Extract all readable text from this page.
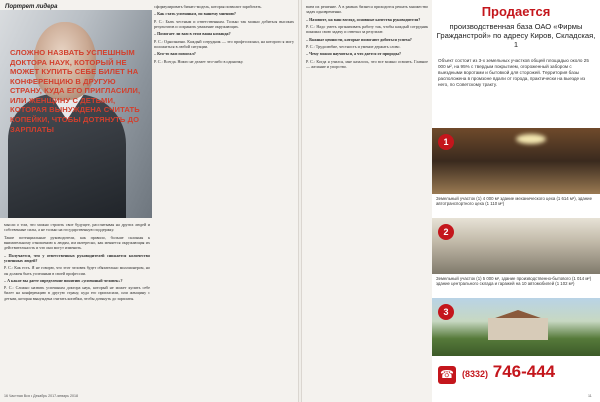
Портрет лидера
СЛОЖНО НАЗВАТЬ УСПЕШНЫМ ДОКТОРА НАУК, КОТОРЫЙ НЕ МОЖЕТ КУПИТЬ СЕБЕ БИЛЕТ НА КОНФЕРЕНЦИЮ В ДРУГУЮ СТРАНУ, КУДА ЕГО ПРИГЛАСИЛИ, ИЛИ ЖЕНЩИНУ С ДЕТЬМИ, КОТОРАЯ ВЫНУЖДЕНА СЧИТАТЬ КОПЕЙКИ, ЧТОБЫ ДОТЯНУТЬ ДО ЗАРПЛАТЫ

мысли о том, что можно строить свое будущее, рассчитывая на других людей и собственные силы, а не только на государственную поддержку.

Такие потенциальные руководители, как правило, больше склонны к внимательному отношению к людям, им интересно, как меняется окружающая их действительность и что они могут изменить.

– Получается, что у ответственных руководителей снижается количество успешных людей?

Р. С.: Как есть. Я не говорю, что этот человек будет обязательно миллионером, но он должен быть успешным в своей профессии.

– А какое вы даете определение понятию «успешный человек»?

Р. С.: Сложно назвать успешным доктора наук, который не может купить себе билет на конференцию в другую страну, куда его пригласили, или женщину с детьми, которая вынуждена считать копейки, чтобы дотянуть до зарплаты.

сформулировать бизнес-модель, которая позволит заработать.

– Как стать успешным, по вашему мнению?

Р. С.: Быть честным и ответственным. Только так можно добиться высоких результатов и сохранить уважение окружающих.

– Помогает ли вам в этом ваша команда?

Р. С.: Однозначно. Каждый сотрудник — это профессионал, на которого я могу положиться в любой ситуации.

– Кто-то вам помогал?

Р. С.: Всегда. Никто не делает что-либо в одиночку.

16 Частная Вся • Декабрь 2017-январь 2018

ваем их решение. А в рамках бизнеса приходится решать множество задач одновременно.

– Назовите, на ваш взгляд, основные качества руководителя?

Р. С.: Надо уметь организовать работу так, чтобы каждый сотрудник понимал свою задачу и отвечал за результат.

– Важные ценности, которые помогают добиться успеха?

Р. С.: Трудолюбие, честность и умение держать слово.

– Чему можно научиться, а что дается от природы?

Р. С.: Когда я учился, мне казалось, что все можно освоить. Главное — желание и упорство.

Продается
производственная база ОАО «Фирмы Гражданстрой» по адресу Киров, Складская, 1
Объект состоит из 3-х земельных участков общей площадью около 25 000 м², на 95% с твердым покрытием, огороженный забором с выездными воротами и бытовкой для сторожей. Территория базы расположена в промзоне вдали от города, практически на выезде из него, по Советскому тракту.
1
Земельный участок (1) 4 000 м² здание механического цеха (1 614 м²), здание автотранспортного цеха (1 110 м²)
2
Земельный участок (1) 5 000 м², здание производственно-бытового (1 014 м²) здание центрального склада и гаражей на 10 автомобилей (1 102 м²)
3
☎ (8332) 746-444
11
